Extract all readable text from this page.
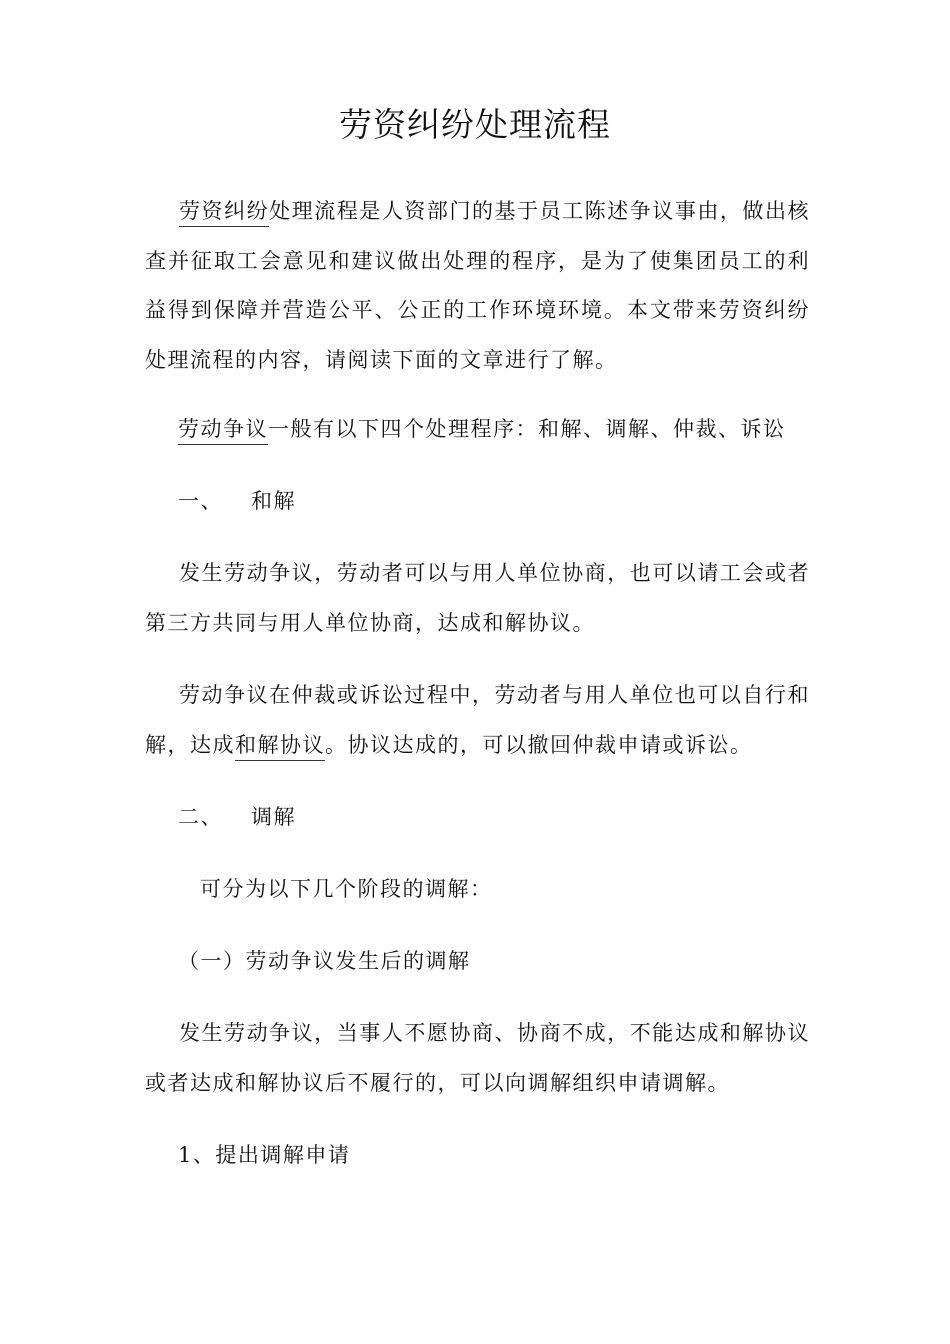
劳资纠纷处理流程

劳资纠纷处理流程是人资部门的基于员工陈述争议事由，做出核查并征取工会意见和建议做出处理的程序，是为了使集团员工的利益得到保障并营造公平、公正的工作环境环境。本文带来劳资纠纷处理流程的内容，请阅读下面的文章进行了解。

劳动争议一般有以下四个处理程序：和解、调解、仲裁、诉讼

一、 和解

发生劳动争议，劳动者可以与用人单位协商，也可以请工会或者第三方共同与用人单位协商，达成和解协议。

劳动争议在仲裁或诉讼过程中，劳动者与用人单位也可以自行和解，达成和解协议。协议达成的，可以撤回仲裁申请或诉讼。

二、 调解

可分为以下几个阶段的调解：

（一）劳动争议发生后的调解

发生劳动争议，当事人不愿协商、协商不成，不能达成和解协议或者达成和解协议后不履行的，可以向调解组织申请调解。

1、提出调解申请
